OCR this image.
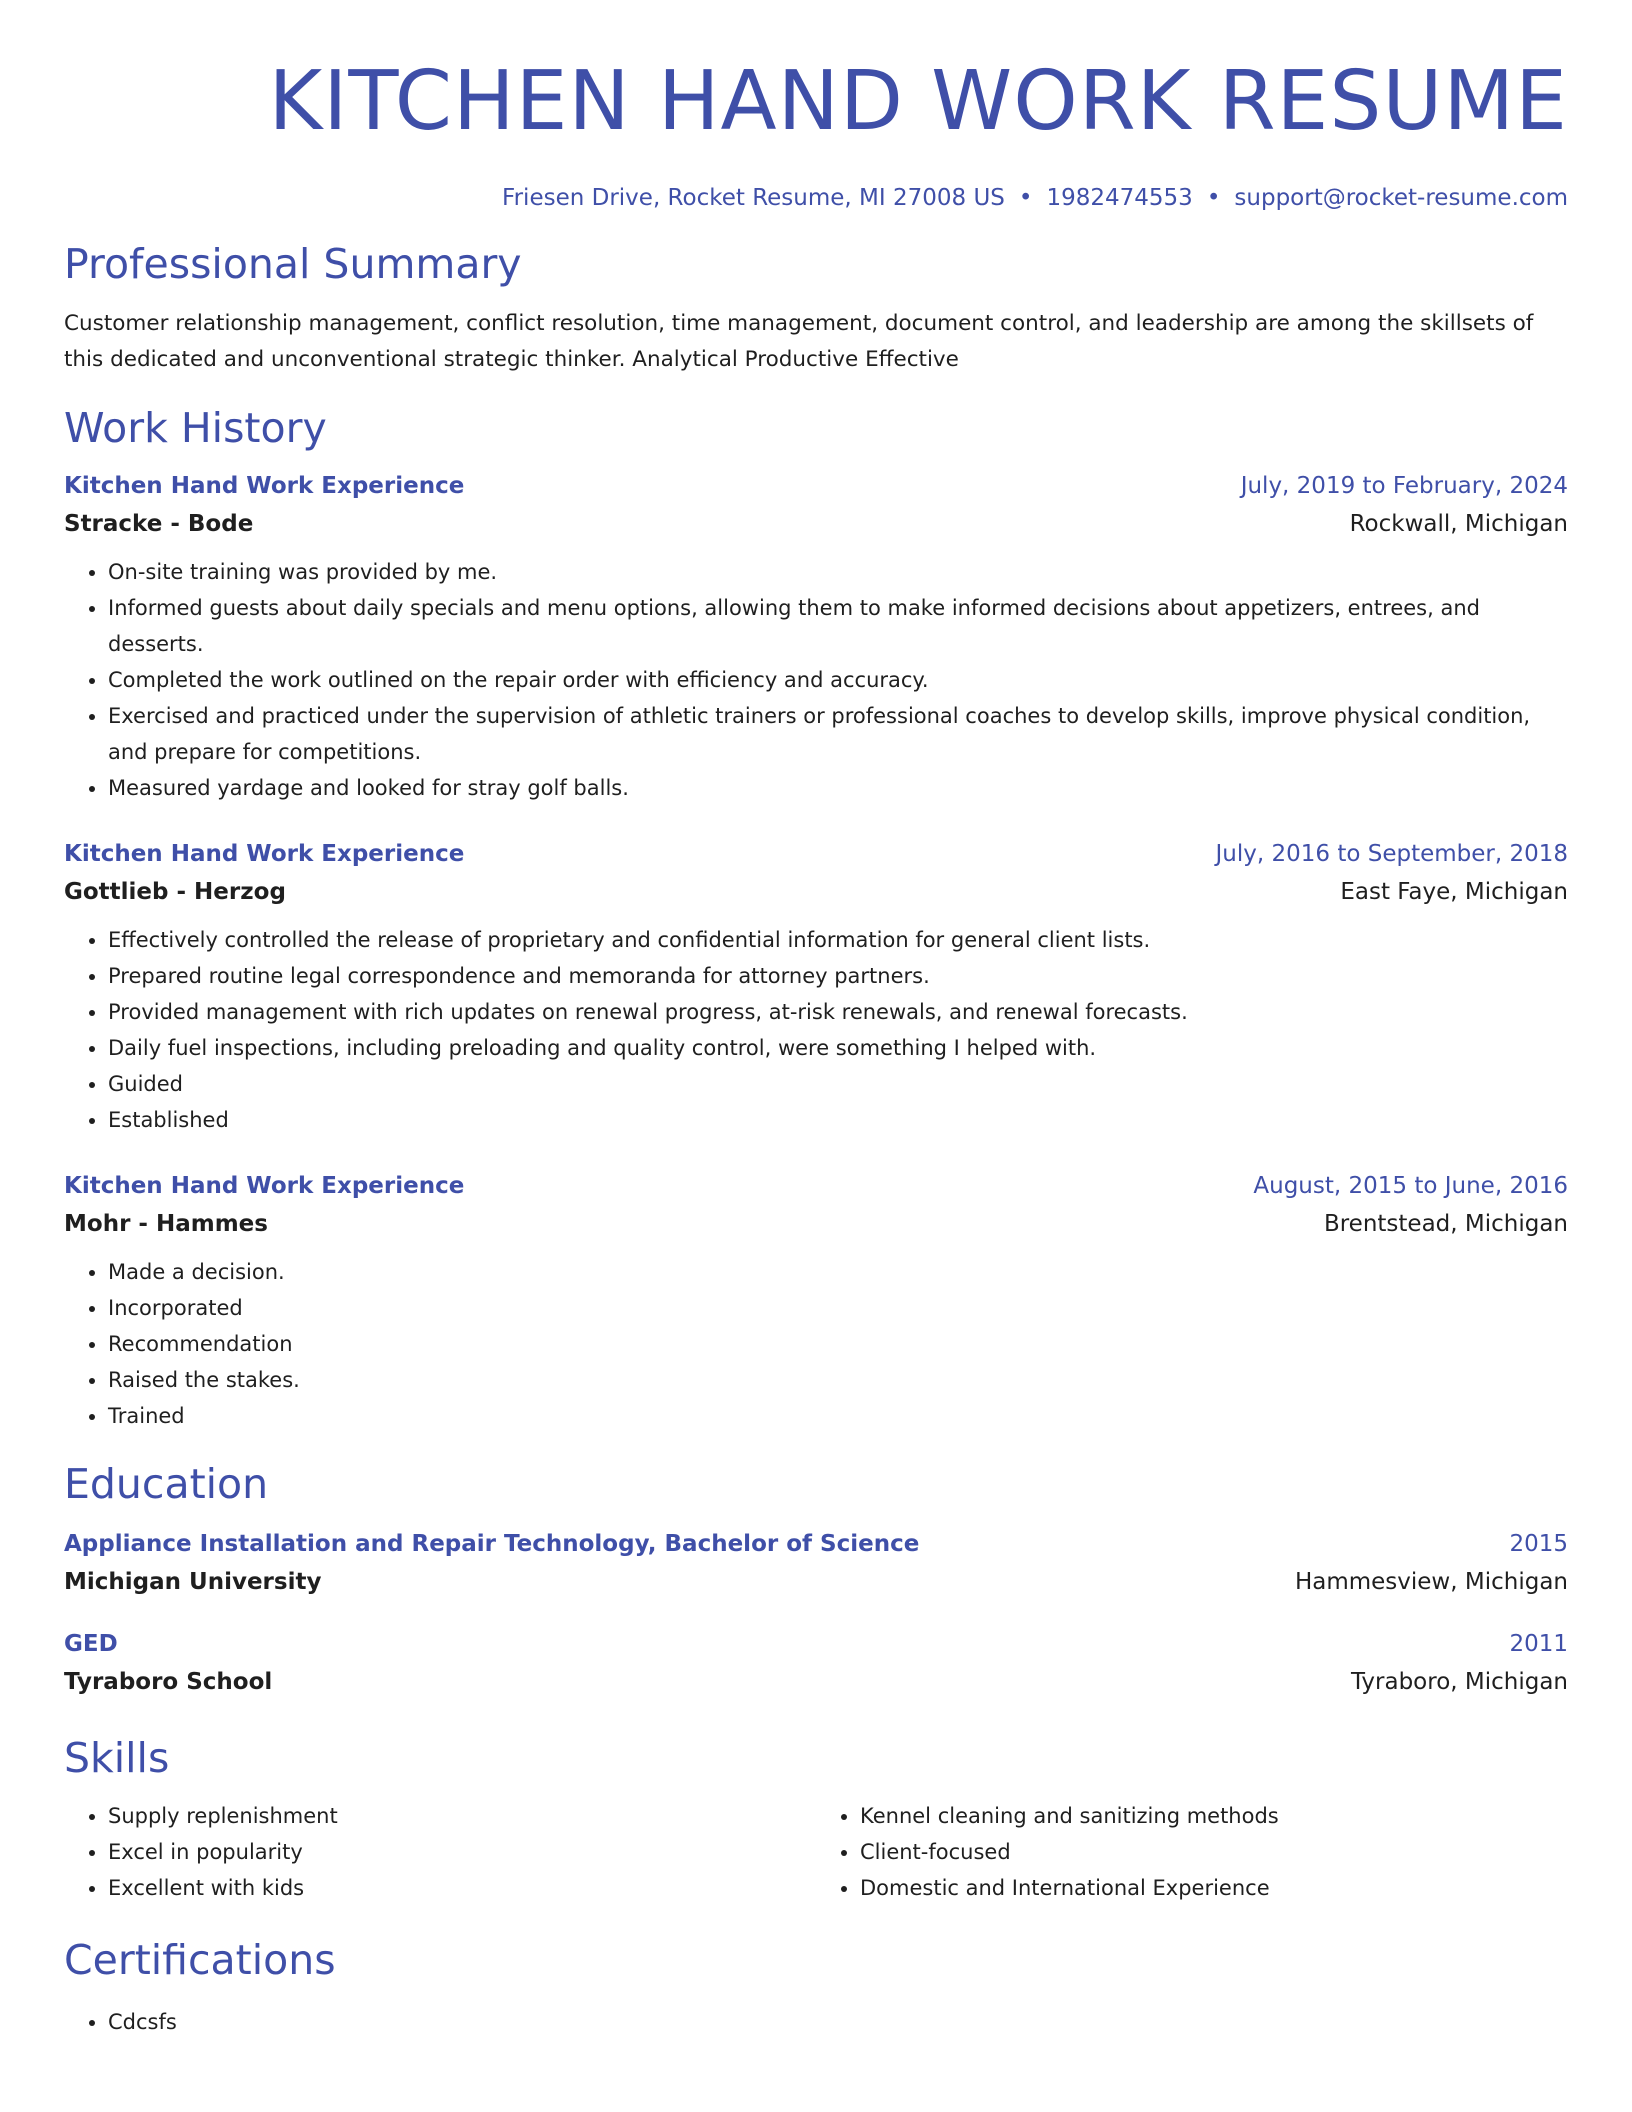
KITCHEN HAND WORK RESUME
Friesen Drive, Rocket Resume, MI 27008 US • 1982474553 • support@rocket-resume.com
Professional Summary
Customer relationship management, conflict resolution, time management, document control, and leadership are among the skillsets of this dedicated and unconventional strategic thinker. Analytical Productive Effective
Work History
Kitchen Hand Work Experience	July, 2019 to February, 2024
Stracke - Bode	Rockwall, Michigan
• On-site training was provided by me.
• Informed guests about daily specials and menu options, allowing them to make informed decisions about appetizers, entrees, and desserts.
• Completed the work outlined on the repair order with efficiency and accuracy.
• Exercised and practiced under the supervision of athletic trainers or professional coaches to develop skills, improve physical condition, and prepare for competitions.
• Measured yardage and looked for stray golf balls.
Kitchen Hand Work Experience	July, 2016 to September, 2018
Gottlieb - Herzog	East Faye, Michigan
• Effectively controlled the release of proprietary and confidential information for general client lists.
• Prepared routine legal correspondence and memoranda for attorney partners.
• Provided management with rich updates on renewal progress, at-risk renewals, and renewal forecasts.
• Daily fuel inspections, including preloading and quality control, were something I helped with.
• Guided
• Established
Kitchen Hand Work Experience	August, 2015 to June, 2016
Mohr - Hammes	Brentstead, Michigan
• Made a decision.
• Incorporated
• Recommendation
• Raised the stakes.
• Trained
Education
Appliance Installation and Repair Technology, Bachelor of Science	2015
Michigan University	Hammesview, Michigan
GED	2011
Tyraboro School	Tyraboro, Michigan
Skills
• Supply replenishment
• Excel in popularity
• Excellent with kids
• Kennel cleaning and sanitizing methods
• Client-focused
• Domestic and International Experience
Certifications
• Cdcsfs
